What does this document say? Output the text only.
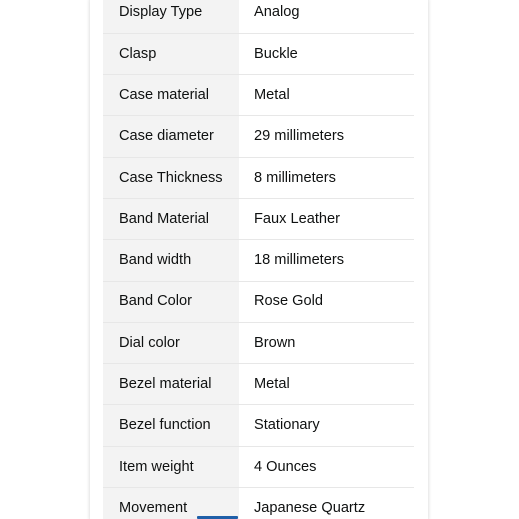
Display Type	Analog
Clasp	Buckle
Case material	Metal
Case diameter	29 millimeters
Case Thickness	8 millimeters
Band Material	Faux Leather
Band width	18 millimeters
Band Color	Rose Gold
Dial color	Brown
Bezel material	Metal
Bezel function	Stationary
Item weight	4 Ounces
Movement	Japanese Quartz
